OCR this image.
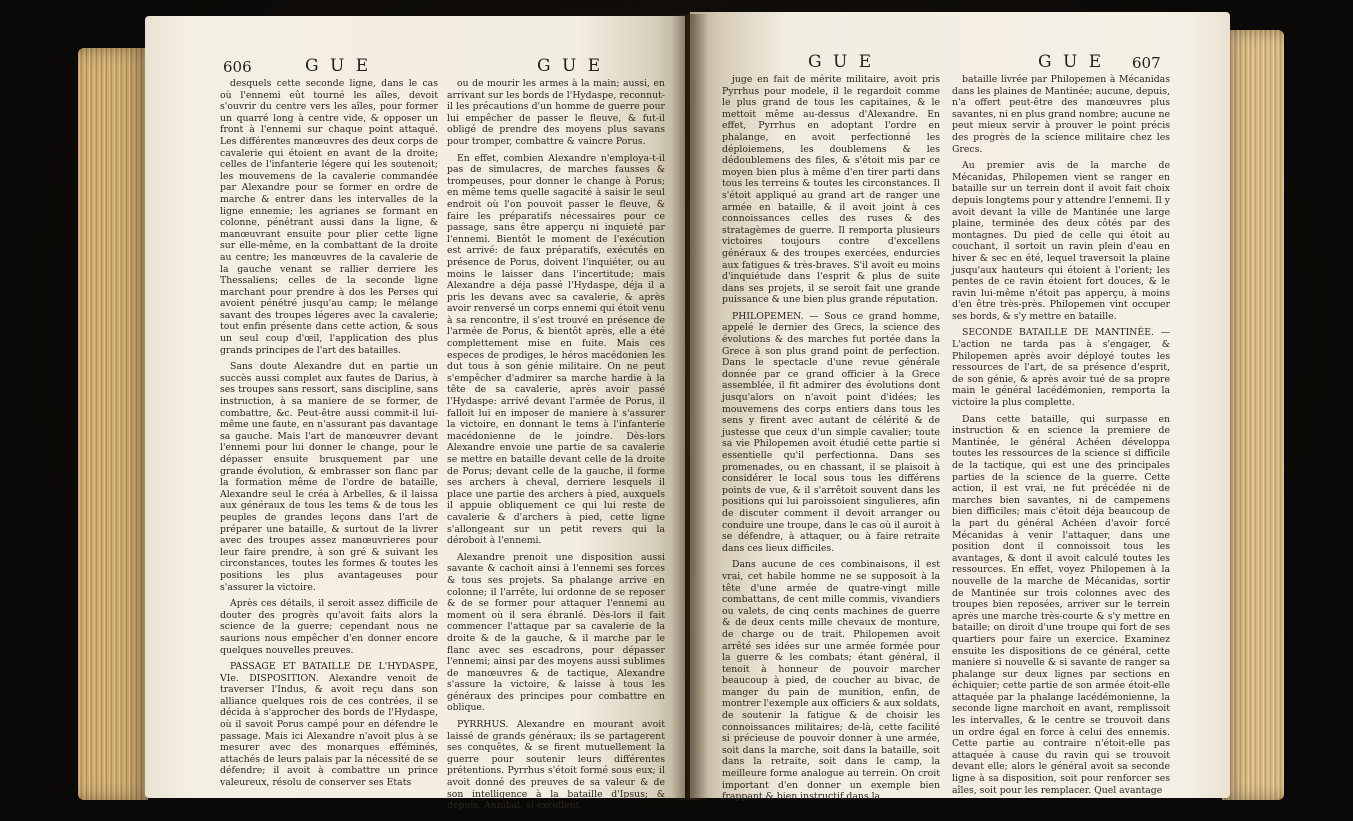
606	G U E	G U E

desquels cette seconde ligne, dans le cas où l'ennemi eût tourné les aîles, devoit s'ouvrir du centre vers les aîles, pour former un quarré long à centre vide, & opposer un front à l'ennemi sur chaque point attaqué. Les différentes manœuvres des deux corps de cavalerie qui étoient en avant de la droite; celles de l'infanterie légere qui les soutenoit; les mouvemens de la cavalerie commandée par Alexandre pour se former en ordre de marche & entrer dans les intervalles de la ligne ennemie; les agrianes se formant en colonne, pénétrant aussi dans la ligne, & manœuvrant ensuite pour plier cette ligne sur elle-même, en la combattant de la droite au centre; les manœuvres de la cavalerie de la gauche venant se rallier derriere les Thessaliens; celles de la seconde ligne marchant pour prendre à dos les Perses qui avoient pénétré jusqu'au camp; le mélange savant des troupes légeres avec la cavalerie; tout enfin présente dans cette action, & sous un seul coup d'œil, l'application des plus grands principes de l'art des batailles.

Sans doute Alexandre dut en partie un succès aussi complet aux fautes de Darius, à ses troupes sans ressort, sans discipline, sans instruction, à sa maniere de se former, de combattre, &c. Peut-être aussi commit-il lui-même une faute, en n'assurant pas davantage sa gauche. Mais l'art de manœuvrer devant l'ennemi pour lui donner le change, pour le dépasser ensuite brusquement par une grande évolution, & embrasser son flanc par la formation même de l'ordre de bataille, Alexandre seul le créa à Arbelles, & il laissa aux généraux de tous les tems & de tous les peuples de grandes leçons dans l'art de préparer une bataille, & surtout de la livrer avec des troupes assez manœuvrieres pour leur faire prendre, à son gré & suivant les circonstances, toutes les formes & toutes les positions les plus avantageuses pour s'assurer la victoire.

Après ces détails, il seroit assez difficile de douter des progrès qu'avoit faits alors la science de la guerre; cependant nous ne saurions nous empêcher d'en donner encore quelques nouvelles preuves.

PASSAGE ET BATAILLE DE L'HYDASPE, VIe. DISPOSITION. Alexandre venoit de traverser l'Indus, & avoit reçu dans son alliance quelques rois de ces contrées, il se décida à s'approcher des bords de l'Hydaspe, où il savoit Porus campé pour en défendre le passage. Mais ici Alexandre n'avoit plus à se mesurer avec des monarques efféminés, attachés de leurs palais par la nécessité de se défendre; il avoit à combattre un prince valeureux, résolu de conserver ses Etats

ou de mourir les armes à la main; aussi, en arrivant sur les bords de l'Hydaspe, reconnut-il les précautions d'un homme de guerre pour lui empêcher de passer le fleuve, & fut-il obligé de prendre des moyens plus savans pour tromper, combattre & vaincre Porus.

En effet, combien Alexandre n'employa-t-il pas de simulacres, de marches fausses & trompeuses, pour donner le change à Porus; en même tems quelle sagacité à saisir le seul endroit où l'on pouvoit passer le fleuve, & faire les préparatifs nécessaires pour ce passage, sans être apperçu ni inquieté par l'ennemi. Bientôt le moment de l'exécution est arrivé: de faux préparatifs, exécutés en présence de Porus, doivent l'inquiéter, ou au moins le laisser dans l'incertitude; mais Alexandre a déja passé l'Hydaspe, déja il a pris les devans avec sa cavalerie, & après avoir renversé un corps ennemi qui étoit venu à sa rencontre, il s'est trouvé en présence de l'armée de Porus, & bientôt après, elle a été complettement mise en fuite. Mais ces especes de prodiges, le héros macédonien les dut tous à son génie militaire. On ne peut s'empêcher d'admirer sa marche hardie à la tête de sa cavalerie, après avoir passé l'Hydaspe: arrivé devant l'armée de Porus, il falloit lui en imposer de maniere à s'assurer la victoire, en donnant le tems à l'infanterie macédonienne de le joindre. Dès-lors Alexandre envoie une partie de sa cavalerie se mettre en bataille devant celle de la droite de Porus; devant celle de la gauche, il forme ses archers à cheval, derriere lesquels il place une partie des archers à pied, auxquels il appuie obliquement ce qui lui reste de cavalerie & d'archers à pied, cette ligne s'allongeant sur un petit revers qui la déroboit à l'ennemi.

Alexandre prenoit une disposition aussi savante & cachoit ainsi à l'ennemi ses forces & tous ses projets. Sa phalange arrive en colonne; il l'arrête, lui ordonne de se reposer & de se former pour attaquer l'ennemi au moment où il sera ébranlé. Dès-lors il fait commencer l'attaque par sa cavalerie de la droite & de la gauche, & il marche par le flanc avec ses escadrons, pour dépasser l'ennemi; ainsi par des moyens aussi sublimes de manœuvres & de tactique, Alexandre s'assure la victoire, & laisse à tous les généraux des principes pour combattre en oblique.

PYRRHUS. Alexandre en mourant avoit laissé de grands généraux; ils se partagerent ses conquêtes, & se firent mutuellement la guerre pour soutenir leurs différentes prétentions. Pyrrhus s'étoit formé sous eux; il avoit donné des preuves de sa valeur & de son intelligence à la bataille d'Ipsus; & depuis, Annibal, si excellent

G U E	G U E 607

juge en fait de mérite militaire, avoit pris Pyrrhus pour modele, il le regardoit comme le plus grand de tous les capitaines, & le mettoit même au-dessus d'Alexandre. En effet, Pyrrhus en adoptant l'ordre en phalange, en avoit perfectionné les déploiemens, les doublemens & les dédoublemens des files, & s'étoit mis par ce moyen bien plus à même d'en tirer parti dans tous les terreins & toutes les circonstances. Il s'étoit appliqué au grand art de ranger une armée en bataille, & il avoit joint à ces connoissances celles des ruses & des stratagèmes de guerre. Il remporta plusieurs victoires toujours contre d'excellens généraux & des troupes exercées, endurcies aux fatigues & très-braves. S'il avoit eu moins d'inquiétude dans l'esprit & plus de suite dans ses projets, il se seroit fait une grande puissance & une bien plus grande réputation.

PHILOPEMEN. — Sous ce grand homme, appelé le dernier des Grecs, la science des évolutions & des marches fut portée dans la Grece à son plus grand point de perfection. Dans le spectacle d'une revue générale donnée par ce grand officier à la Grece assemblée, il fit admirer des évolutions dont jusqu'alors on n'avoit point d'idées; les mouvemens des corps entiers dans tous les sens y firent avec autant de célérité & de justesse que ceux d'un simple cavalier; toute sa vie Philopemen avoit étudié cette partie si essentielle qu'il perfectionna. Dans ses promenades, ou en chassant, il se plaisoit à considérer le local sous tous les différens points de vue, & il s'arrêtoit souvent dans les positions qui lui paroissoient singulieres, afin de discuter comment il devoit arranger ou conduire une troupe, dans le cas où il auroit à se défendre, à attaquer, ou à faire retraite dans ces lieux difficiles.

Dans aucune de ces combinaisons, il est vrai, cet habile homme ne se supposoit à la tête d'une armée de quatre-vingt mille combattans, de cent mille commis, vivandiers ou valets, de cinq cents machines de guerre & de deux cents mille chevaux de monture, de charge ou de trait. Philopemen avoit arrêté ses idées sur une armée formée pour la guerre & les combats; étant général, il tenoit à honneur de pouvoir marcher beaucoup à pied, de coucher au bivac, de manger du pain de munition, enfin, de montrer l'exemple aux officiers & aux soldats, de soutenir la fatigue & de choisir les connoissances militaires; de-là, cette facilité si précieuse de pouvoir donner à une armée, soit dans la marche, soit dans la bataille, soit dans la retraite, soit dans le camp, la meilleure forme analogue au terrein. On croit important d'en donner un exemple bien frappant & bien instructif dans la

bataille livrée par Philopemen à Mécanidas dans les plaines de Mantinée; aucune, depuis, n'a offert peut-être des manœuvres plus savantes, ni en plus grand nombre; aucune ne peut mieux servir à prouver le point précis des progrès de la science militaire chez les Grecs.

Au premier avis de la marche de Mécanidas, Philopemen vient se ranger en bataille sur un terrein dont il avoit fait choix depuis longtems pour y attendre l'ennemi. Il y avoit devant la ville de Mantinée une large plaine, terminée des deux côtés par des montagnes. Du pied de celle qui étoit au couchant, il sortoit un ravin plein d'eau en hiver & sec en été, lequel traversoit la plaine jusqu'aux hauteurs qui étoient à l'orient; les pentes de ce ravin étoient fort douces, & le ravin lui-même n'étoit pas apperçu, à moins d'en être très-près. Philopemen vint occuper ses bords, & s'y mettre en bataille.

SECONDE BATAILLE DE MANTINÉE. — L'action ne tarda pas à s'engager, & Philopemen après avoir déployé toutes les ressources de l'art, de sa présence d'esprit, de son génie, & après avoir tué de sa propre main le général lacédémonien, remporta la victoire la plus complette.

Dans cette bataille, qui surpasse en instruction & en science la premiere de Mantinée, le général Achéen développa toutes les ressources de la science si difficile de la tactique, qui est une des principales parties de la science de la guerre. Cette action, il est vrai, ne fut précédée ni de marches bien savantes, ni de campemens bien difficiles; mais c'étoit déja beaucoup de la part du général Achéen d'avoir forcé Mécanidas à venir l'attaquer, dans une position dont il connoissoit tous les avantages, & dont il avoit calculé toutes les ressources. En effet, voyez Philopemen à la nouvelle de la marche de Mécanidas, sortir de Mantinée sur trois colonnes avec des troupes bien reposées, arriver sur le terrein après une marche très-courte & s'y mettre en bataille; on diroit d'une troupe qui fort de ses quartiers pour faire un exercice. Examinez ensuite les dispositions de ce général, cette maniere si nouvelle & si savante de ranger sa phalange sur deux lignes par sections en échiquier; cette partie de son armée étoit-elle attaquée par la phalange lacédémonienne, la seconde ligne marchoit en avant, remplissoit les intervalles, & le centre se trouvoit dans un ordre égal en force à celui des ennemis. Cette partie au contraire n'étoit-elle pas attaquée à cause du ravin qui se trouvoit devant elle; alors le général avoit sa seconde ligne à sa disposition, soit pour renforcer ses aîles, soit pour les remplacer. Quel avantage
